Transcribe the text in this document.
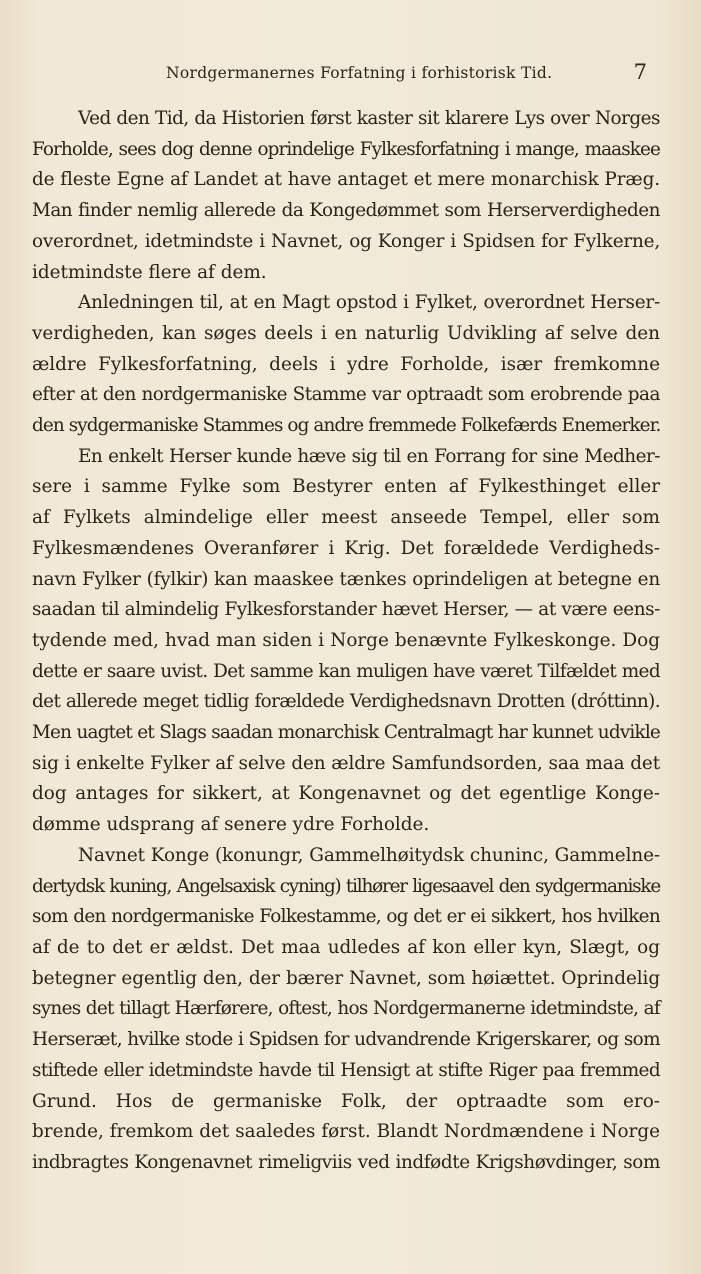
Nordgermanernes Forfatning i forhistorisk Tid.	7

Ved den Tid, da Historien først kaster sit klarere Lys over Norges
Forholde, sees dog denne oprindelige Fylkesforfatning i mange, maaskee
de fleste Egne af Landet at have antaget et mere monarchisk Præg.
Man finder nemlig allerede da Kongedømmet som Herserverdigheden
overordnet, idetmindste i Navnet, og Konger i Spidsen for Fylkerne,
idetmindste flere af dem.

Anledningen til, at en Magt opstod i Fylket, overordnet Herser-
verdigheden, kan søges deels i en naturlig Udvikling af selve den
ældre Fylkesforfatning, deels i ydre Forholde, især fremkomne
efter at den nordgermaniske Stamme var optraadt som erobrende paa
den sydgermaniske Stammes og andre fremmede Folkefærds Enemerker.

En enkelt Herser kunde hæve sig til en Forrang for sine Medher-
sere i samme Fylke som Bestyrer enten af Fylkesthinget eller
af Fylkets almindelige eller meest anseede Tempel, eller som
Fylkesmændenes Overanfører i Krig. Det forældede Verdigheds-
navn Fylker (fylkir) kan maaskee tænkes oprindeligen at betegne en
saadan til almindelig Fylkesforstander hævet Herser, — at være eens-
tydende med, hvad man siden i Norge benævnte Fylkeskonge. Dog
dette er saare uvist. Det samme kan muligen have været Tilfældet med
det allerede meget tidlig forældede Verdighedsnavn Drotten (dróttinn).
Men uagtet et Slags saadan monarchisk Centralmagt har kunnet udvikle
sig i enkelte Fylker af selve den ældre Samfundsorden, saa maa det
dog antages for sikkert, at Kongenavnet og det egentlige Konge-
dømme udsprang af senere ydre Forholde.

Navnet Konge (konungr, Gammelhøitydsk chuninc, Gammelne-
dertydsk kuning, Angelsaxisk cyning) tilhører ligesaavel den sydgermaniske
som den nordgermaniske Folkestamme, og det er ei sikkert, hos hvilken
af de to det er ældst. Det maa udledes af kon eller kyn, Slægt, og
betegner egentlig den, der bærer Navnet, som høiættet. Oprindelig
synes det tillagt Hærførere, oftest, hos Nordgermanerne idetmindste, af
Herseræt, hvilke stode i Spidsen for udvandrende Krigerskarer, og som
stiftede eller idetmindste havde til Hensigt at stifte Riger paa fremmed
Grund. Hos de germaniske Folk, der optraadte som ero-
brende, fremkom det saaledes først. Blandt Nordmændene i Norge
indbragtes Kongenavnet rimeligviis ved indfødte Krigshøvdinger, som
